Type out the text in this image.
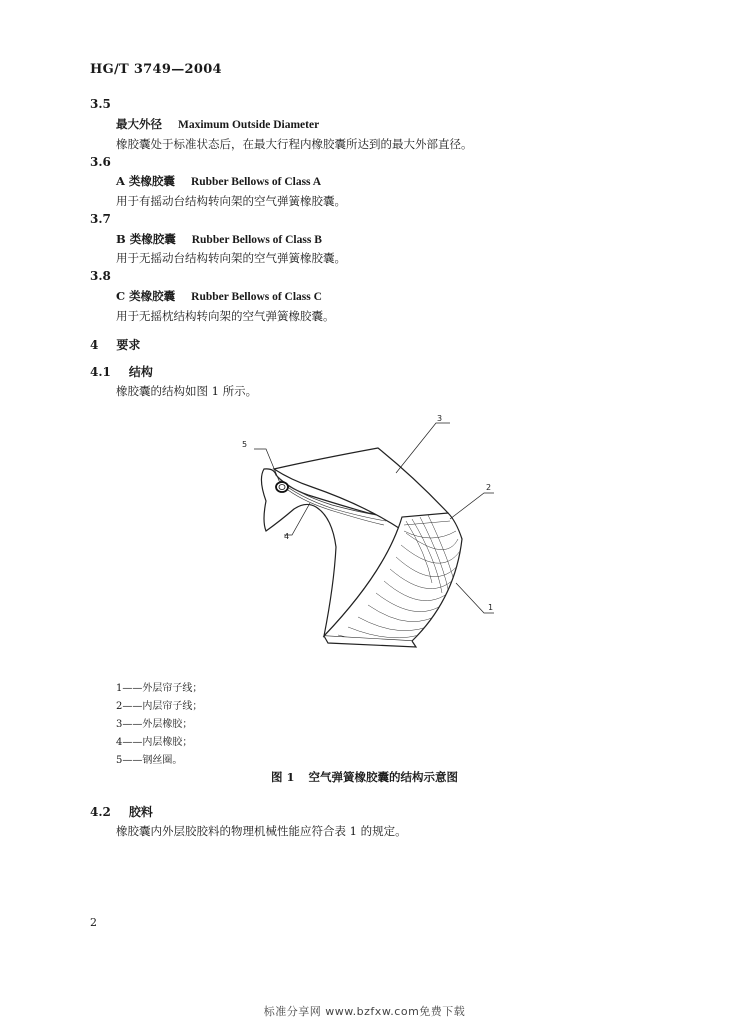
HG/T 3749—2004
3.5
最大外径 Maximum Outside Diameter
橡胶囊处于标准状态后，在最大行程内橡胶囊所达到的最大外部直径。
3.6
A 类橡胶囊 Rubber Bellows of Class A
用于有摇动台结构转向架的空气弹簧橡胶囊。
3.7
B 类橡胶囊 Rubber Bellows of Class B
用于无摇动台结构转向架的空气弹簧橡胶囊。
3.8
C 类橡胶囊 Rubber Bellows of Class C
用于无摇枕结构转向架的空气弹簧橡胶囊。
4 要求
4.1 结构
橡胶囊的结构如图 1 所示。
3
2
1
4
5
1——外层帘子线；
2——内层帘子线；
3——外层橡胶；
4——内层橡胶；
5——钢丝圈。
图 1 空气弹簧橡胶囊的结构示意图
4.2 胶料
橡胶囊内外层胶胶料的物理机械性能应符合表 1 的规定。
2
标准分享网 www.bzfxw.com免费下载
